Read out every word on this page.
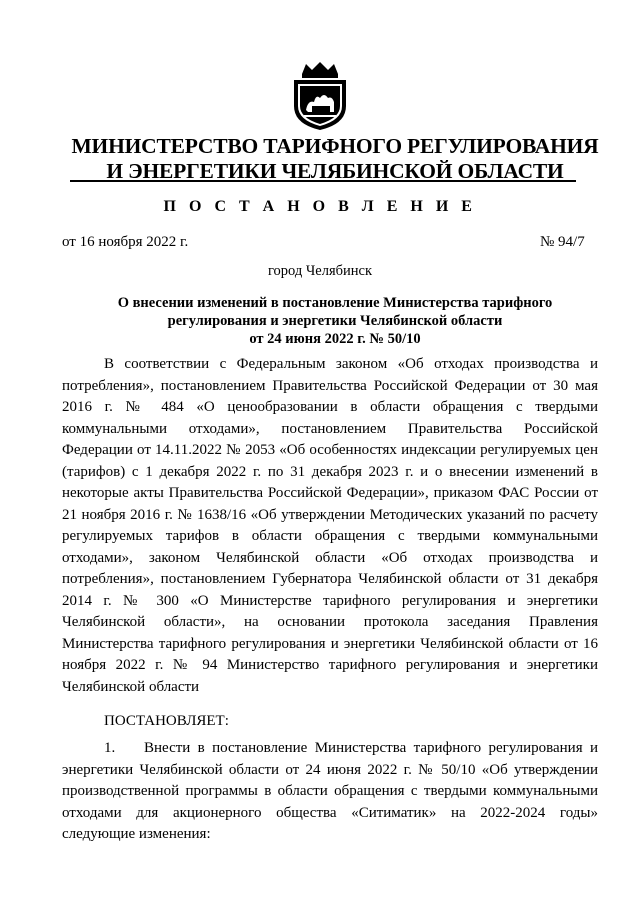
МИНИСТЕРСТВО ТАРИФНОГО РЕГУЛИРОВАНИЯ
И ЭНЕРГЕТИКИ ЧЕЛЯБИНСКОЙ ОБЛАСТИ
П О С Т А Н О В Л Е Н И Е
от 16 ноября 2022 г.	№ 94/7
город Челябинск
О внесении изменений в постановление Министерства тарифного
регулирования и энергетики Челябинской области
от 24 июня 2022 г. № 50/10

В соответствии с Федеральным законом «Об отходах производства и потребления», постановлением Правительства Российской Федерации от 30 мая 2016 г. № 484 «О ценообразовании в области обращения с твердыми коммунальными отходами», постановлением Правительства Российской Федерации от 14.11.2022 № 2053 «Об особенностях индексации регулируемых цен (тарифов) с 1 декабря 2022 г. по 31 декабря 2023 г. и о внесении изменений в некоторые акты Правительства Российской Федерации», приказом ФАС России от 21 ноября 2016 г. № 1638/16 «Об утверждении Методических указаний по расчету регулируемых тарифов в области обращения с твердыми коммунальными отходами», законом Челябинской области «Об отходах производства и потребления», постановлением Губернатора Челябинской области от 31 декабря 2014 г. № 300 «О Министерстве тарифного регулирования и энергетики Челябинской области», на основании протокола заседания Правления Министерства тарифного регулирования и энергетики Челябинской области от 16 ноября 2022 г. № 94 Министерство тарифного регулирования и энергетики Челябинской области

ПОСТАНОВЛЯЕТ:

1. Внести в постановление Министерства тарифного регулирования и энергетики Челябинской области от 24 июня 2022 г. № 50/10 «Об утверждении производственной программы в области обращения с твердыми коммунальными отходами для акционерного общества «Ситиматик» на 2022-2024 годы» следующие изменения:
